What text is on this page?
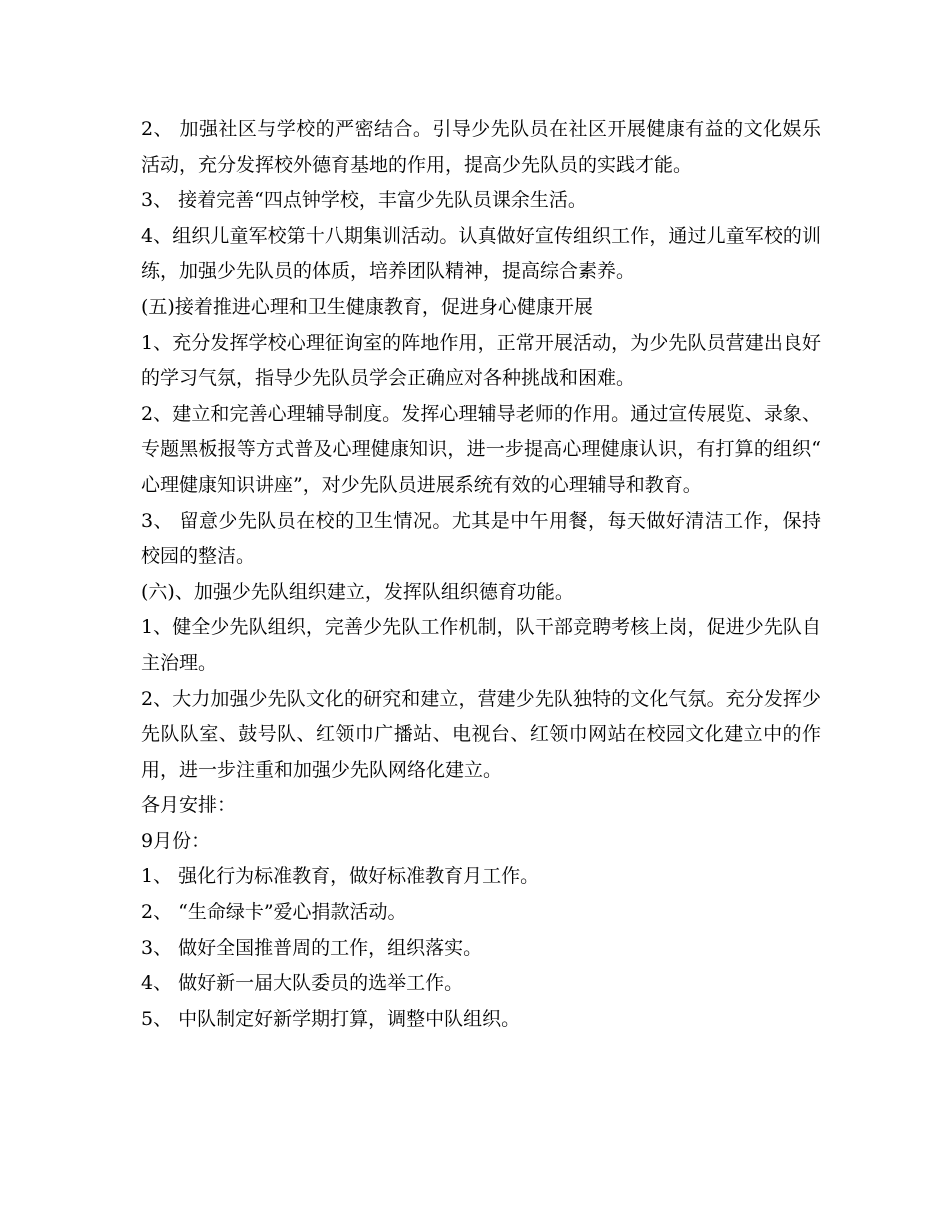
2、 加强社区与学校的严密结合。引导少先队员在社区开展健康有益的文化娱乐活动，充分发挥校外德育基地的作用，提高少先队员的实践才能。

3、 接着完善“四点钟学校，丰富少先队员课余生活。

4、组织儿童军校第十八期集训活动。认真做好宣传组织工作，通过儿童军校的训练，加强少先队员的体质，培养团队精神，提高综合素养。

(五)接着推进心理和卫生健康教育，促进身心健康开展

1、充分发挥学校心理征询室的阵地作用，正常开展活动，为少先队员营建出良好的学习气氛，指导少先队员学会正确应对各种挑战和困难。

2、建立和完善心理辅导制度。发挥心理辅导老师的作用。通过宣传展览、录象、专题黑板报等方式普及心理健康知识，进一步提高心理健康认识，有打算的组织“心理健康知识讲座”，对少先队员进展系统有效的心理辅导和教育。

3、 留意少先队员在校的卫生情况。尤其是中午用餐，每天做好清洁工作，保持校园的整洁。

(六)、加强少先队组织建立，发挥队组织德育功能。

1、健全少先队组织，完善少先队工作机制，队干部竞聘考核上岗，促进少先队自主治理。

2、大力加强少先队文化的研究和建立，营建少先队独特的文化气氛。充分发挥少先队队室、鼓号队、红领巾广播站、电视台、红领巾网站在校园文化建立中的作用，进一步注重和加强少先队网络化建立。

各月安排：

9月份：

1、 强化行为标准教育，做好标准教育月工作。

2、 “生命绿卡”爱心捐款活动。

3、 做好全国推普周的工作，组织落实。

4、 做好新一届大队委员的选举工作。

5、 中队制定好新学期打算，调整中队组织。
